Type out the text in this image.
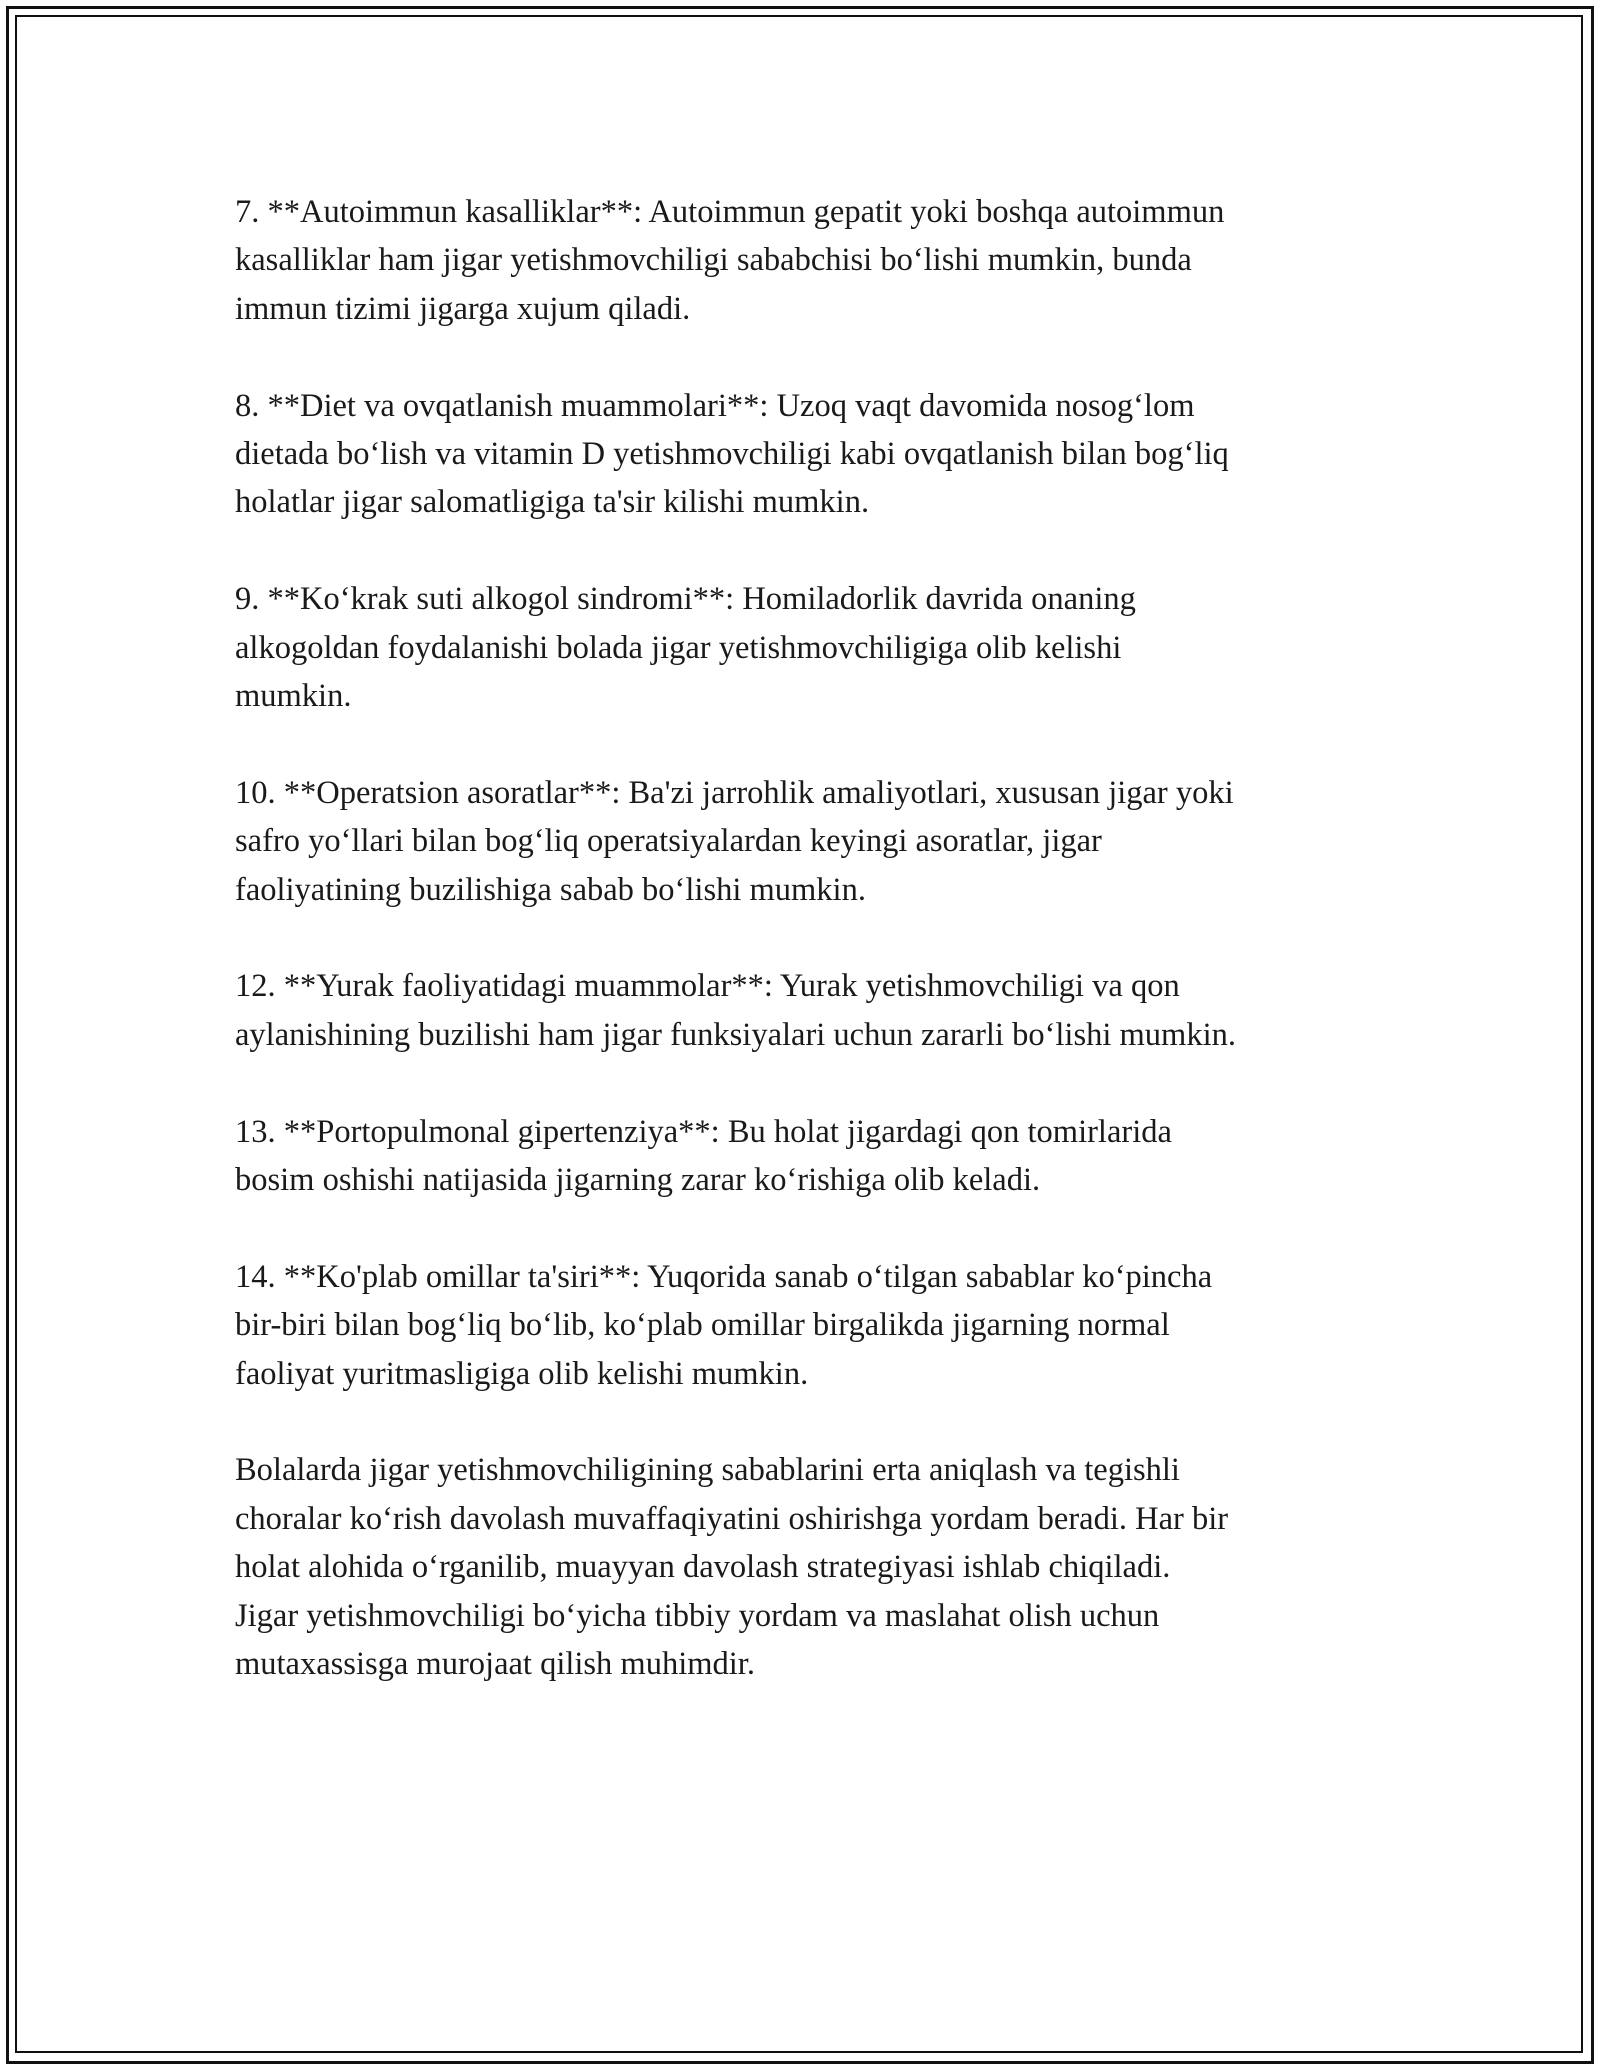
7. **Autoimmun kasalliklar**: Autoimmun gepatit yoki boshqa autoimmun
kasalliklar ham jigar yetishmovchiligi sababchisi bo‘lishi mumkin, bunda
immun tizimi jigarga xujum qiladi.

8. **Diet va ovqatlanish muammolari**: Uzoq vaqt davomida nosog‘lom
dietada bo‘lish va vitamin D yetishmovchiligi kabi ovqatlanish bilan bog‘liq
holatlar jigar salomatligiga ta'sir kilishi mumkin.

9. **Ko‘krak suti alkogol sindromi**: Homiladorlik davrida onaning
alkogoldan foydalanishi bolada jigar yetishmovchiligiga olib kelishi
mumkin.

10. **Operatsion asoratlar**: Ba'zi jarrohlik amaliyotlari, xususan jigar yoki
safro yo‘llari bilan bog‘liq operatsiyalardan keyingi asoratlar, jigar
faoliyatining buzilishiga sabab bo‘lishi mumkin.

12. **Yurak faoliyatidagi muammolar**: Yurak yetishmovchiligi va qon
aylanishining buzilishi ham jigar funksiyalari uchun zararli bo‘lishi mumkin.

13. **Portopulmonal gipertenziya**: Bu holat jigardagi qon tomirlarida
bosim oshishi natijasida jigarning zarar ko‘rishiga olib keladi.

14. **Ko'plab omillar ta'siri**: Yuqorida sanab o‘tilgan sabablar ko‘pincha
bir-biri bilan bog‘liq bo‘lib, ko‘plab omillar birgalikda jigarning normal
faoliyat yuritmasligiga olib kelishi mumkin.

Bolalarda jigar yetishmovchiligining sabablarini erta aniqlash va tegishli
choralar ko‘rish davolash muvaffaqiyatini oshirishga yordam beradi. Har bir
holat alohida o‘rganilib, muayyan davolash strategiyasi ishlab chiqiladi.
Jigar yetishmovchiligi bo‘yicha tibbiy yordam va maslahat olish uchun
mutaxassisga murojaat qilish muhimdir.
